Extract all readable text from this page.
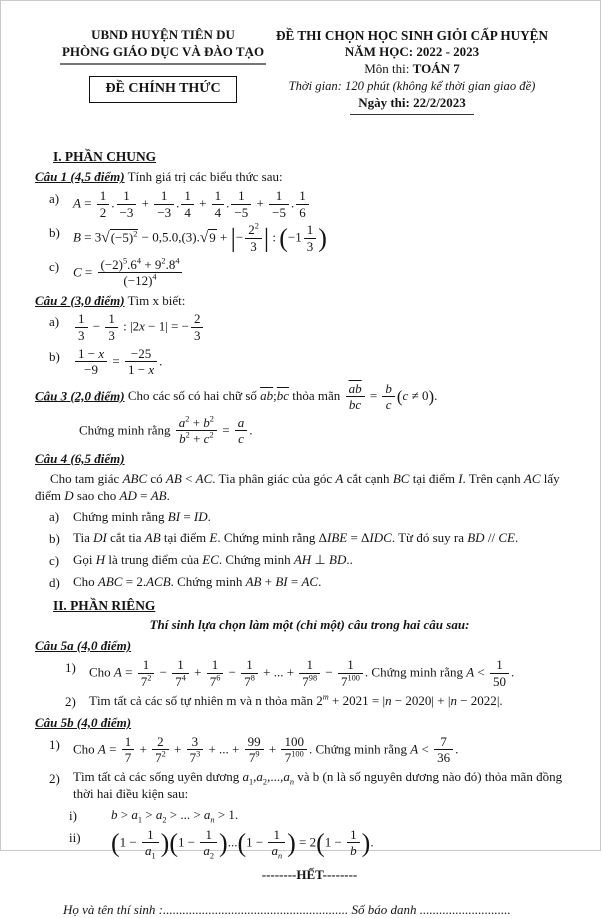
UBND HUYỆN TIÊN DU
PHÒNG GIÁO DỤC VÀ ĐÀO TẠO
ĐỀ CHÍNH THỨC
ĐỀ THI CHỌN HỌC SINH GIỎI CẤP HUYỆN
NĂM HỌC: 2022 - 2023
Môn thi: TOÁN 7
Thời gian: 120 phút (không kể thời gian giao đề)
Ngày thi: 22/2/2023
I. PHẦN CHUNG
Câu 1 (4,5 điểm) Tính giá trị các biểu thức sau:
a)	$A = \frac{1}{2}$ . $\frac{1}{-3} + \frac{1}{-3}$ . $\frac{1}{4} + \frac{1}{4}$ . $\frac{1}{-5} + \frac{1}{-5}$ . $\frac{1}{6}$
b)	$B = 3√(-5)^2 - 0,5.0,(3).√9$ + |− $\frac{2^2}{3}$ | : ($-1 \frac{1}{3}$ )
c)	$C = \frac{(-2)^5.6^4 + 9^2.8^4}{(-12)^4}$
Câu 2 (3,0 điểm) Tìm x biết:
a)	$\frac{1}{3} - \frac{1}{3}$ : |2x − 1| = − $\frac{2}{3}$
b)	$\frac{1 - x}{-9} = \frac{-25}{1 - x}$ .
Câu 3 (2,0 điểm) Cho các số có hai chữ số $\overline{ab};\overline{bc}$ thỏa mãn $\frac{\overline{ab}}{bc} = \frac{b}{c} (c \ne 0)$.
Chứng minh rằng $\frac{a^2 + b^2}{b^2 + c^2} = \frac{a}{c}$ .
Câu 4 (6,5 điểm)
Cho tam giác ABC có AB < AC. Tia phân giác của góc A cắt cạnh BC tại điểm I. Trên cạnh AC lấy điểm D sao cho AD = AB.
a)	Chứng minh rằng BI = ID.
b)	Tia DI cắt tia AB tại điểm E. Chứng minh rằng ΔIBE = ΔIDC. Từ đó suy ra BD // CE.
c)	Gọi H là trung điểm của EC. Chứng minh AH ⊥ BD..
d)	Cho ABC = 2.ACB. Chứng minh AB + BI = AC.
II. PHẦN RIÊNG
Thí sinh lựa chọn làm một (chỉ một) câu trong hai câu sau:
Câu 5a (4,0 điểm)
1)	Cho $A = \frac{1}{7^2} - \frac{1}{7^4} + \frac{1}{7^6} - \frac{1}{7^8}$ + ... + $\frac{1}{7^{98}} - \frac{1}{7^{100}}$ . Chứng minh rằng $A < \frac{1}{50}$ .
2)	Tìm tất cả các số tự nhiên m và n thỏa mãn $2^m + 2021 = |n - 2020| + |n - 2022|$.
Câu 5b (4,0 điểm)
1)	Cho $A = \frac{1}{7} + \frac{2}{7^2} + \frac{3}{7^3}$ + ... + $\frac{99}{7^9} + \frac{100}{7^{100}}$ . Chứng minh rằng $A < \frac{7}{36}$ .
2)	Tìm tất cả các sống uyên dương $a_1,a_2,...,a_n$ và b (n là số nguyên dương nào đó) thỏa mãn đồng thời hai điều kiện sau:
i)	$b > a_1 > a_2$ > ... > $a_n > 1$.
ii)	$(1 - \frac{1}{a_1} )(1 - \frac{1}{a_2} )...(1 - \frac{1}{a_n}$ ) = $2(1 - \frac{1}{b}$ ).
--------HẾT--------
Họ và tên thí sinh :......................................................... Số báo danh ............................
